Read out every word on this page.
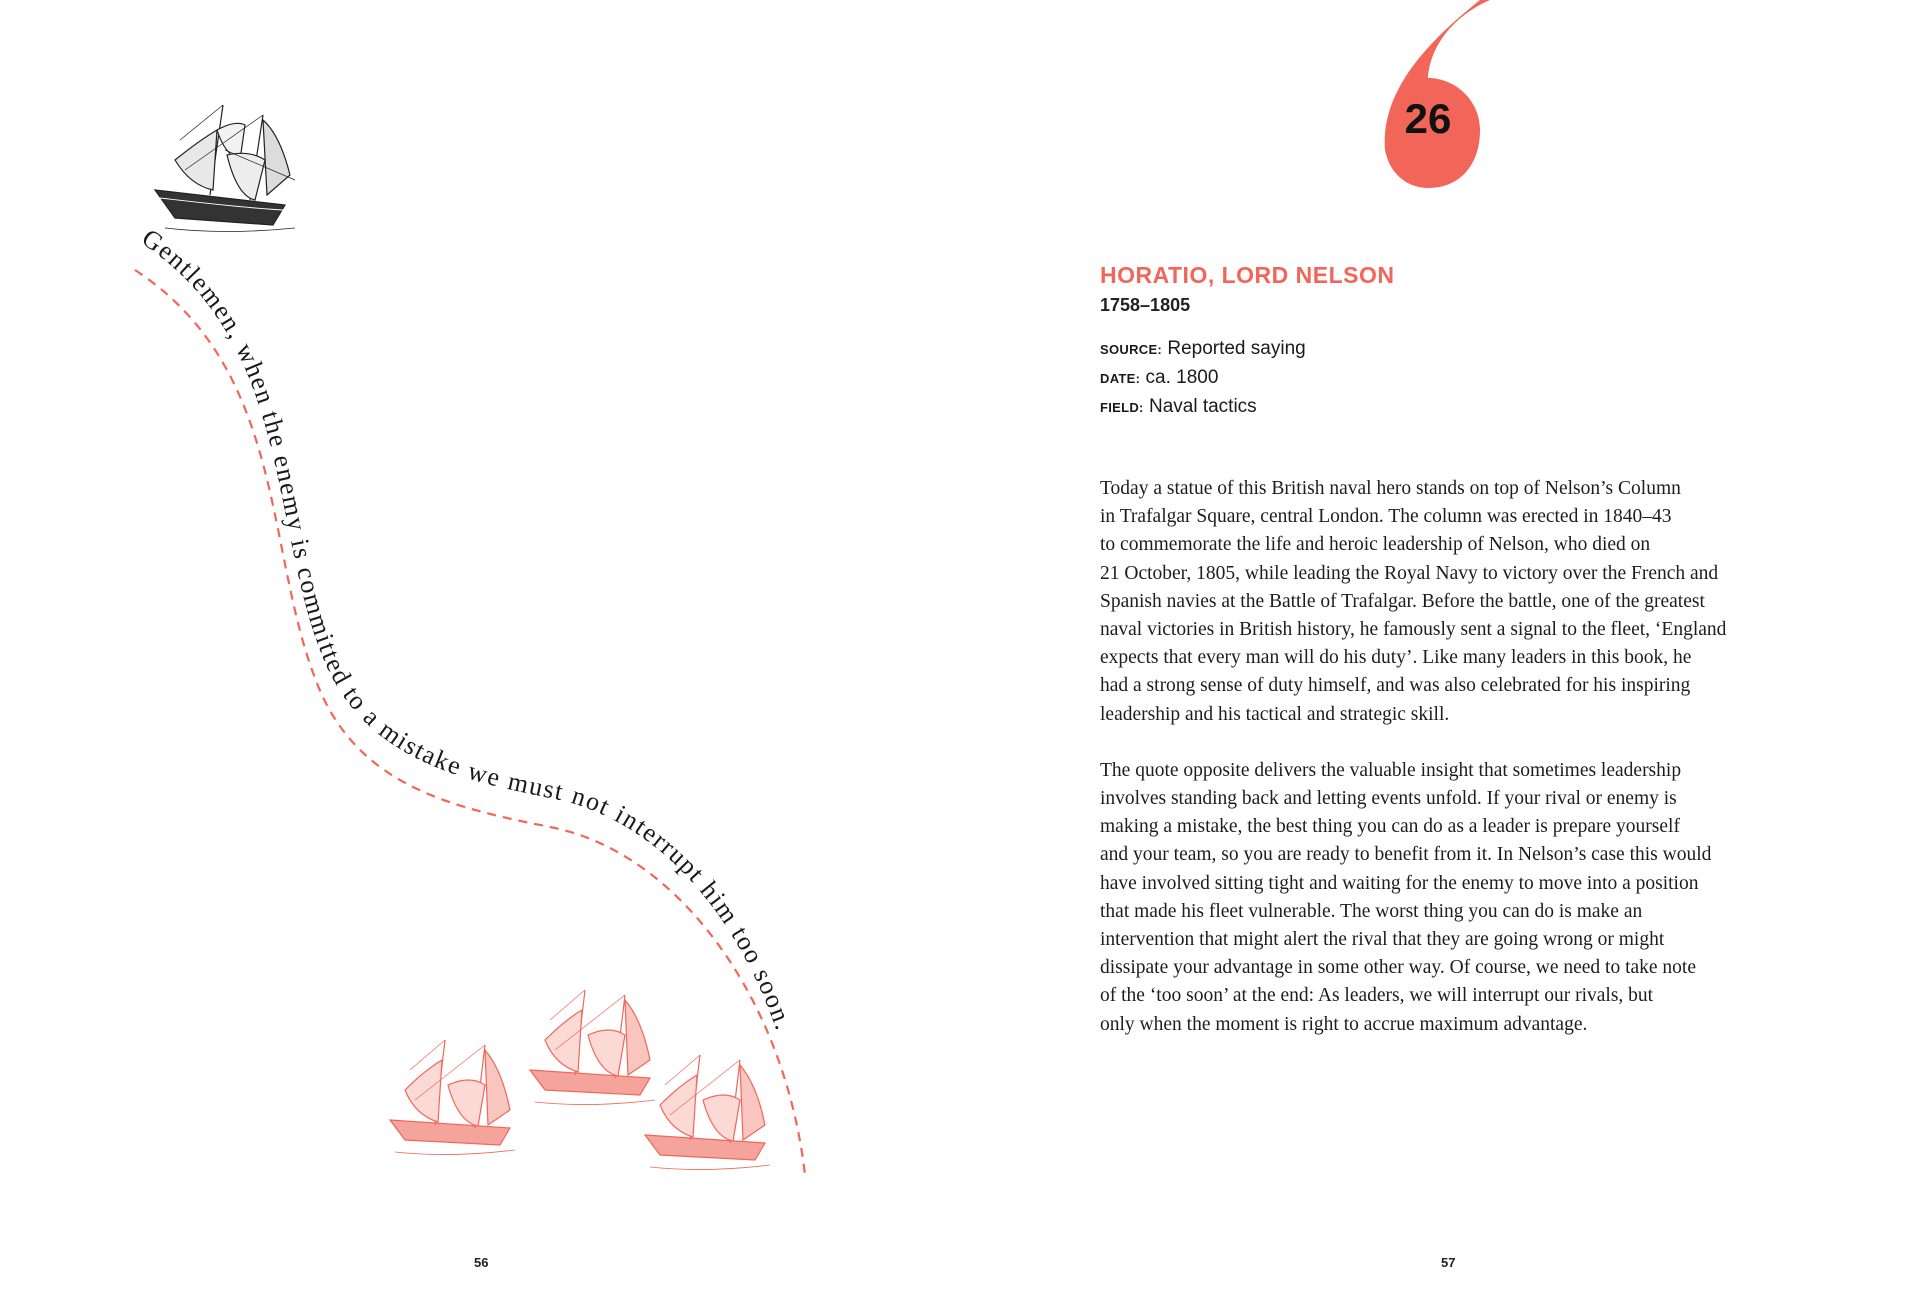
Gentlemen, when the enemy is committed to a mistake we must not interrupt him too soon.
56
26
HORATIO, LORD NELSON
1758–1805
SOURCE: Reported saying
DATE: ca. 1800
FIELD: Naval tactics

Today a statue of this British naval hero stands on top of Nelson’s Column

in Trafalgar Square, central London. The column was erected in 1840–43

to commemorate the life and heroic leadership of Nelson, who died on

21 October, 1805, while leading the Royal Navy to victory over the French and

Spanish navies at the Battle of Trafalgar. Before the battle, one of the greatest

naval victories in British history, he famously sent a signal to the fleet, ‘England

expects that every man will do his duty’. Like many leaders in this book, he

had a strong sense of duty himself, and was also celebrated for his inspiring

leadership and his tactical and strategic skill.

The quote opposite delivers the valuable insight that sometimes leadership

involves standing back and letting events unfold. If your rival or enemy is

making a mistake, the best thing you can do as a leader is prepare yourself

and your team, so you are ready to benefit from it. In Nelson’s case this would

have involved sitting tight and waiting for the enemy to move into a position

that made his fleet vulnerable. The worst thing you can do is make an

intervention that might alert the rival that they are going wrong or might

dissipate your advantage in some other way. Of course, we need to take note

of the ‘too soon’ at the end: As leaders, we will interrupt our rivals, but

only when the moment is right to accrue maximum advantage.

57
